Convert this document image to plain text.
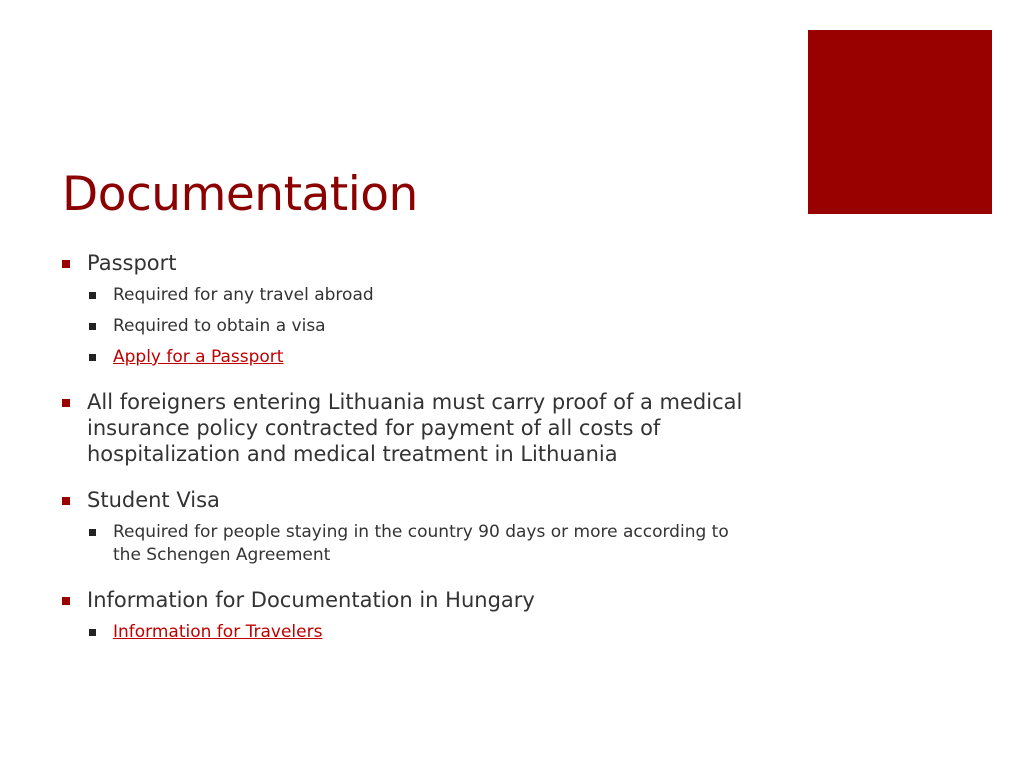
Documentation
Passport
Required for any travel abroad
Required to obtain a visa
Apply for a Passport
All foreigners entering Lithuania must carry proof of a medical insurance policy contracted for payment of all costs of hospitalization and medical treatment in Lithuania
Student Visa
Required for people staying in the country 90 days or more according to the Schengen Agreement
Information for Documentation in Hungary
Information for Travelers
